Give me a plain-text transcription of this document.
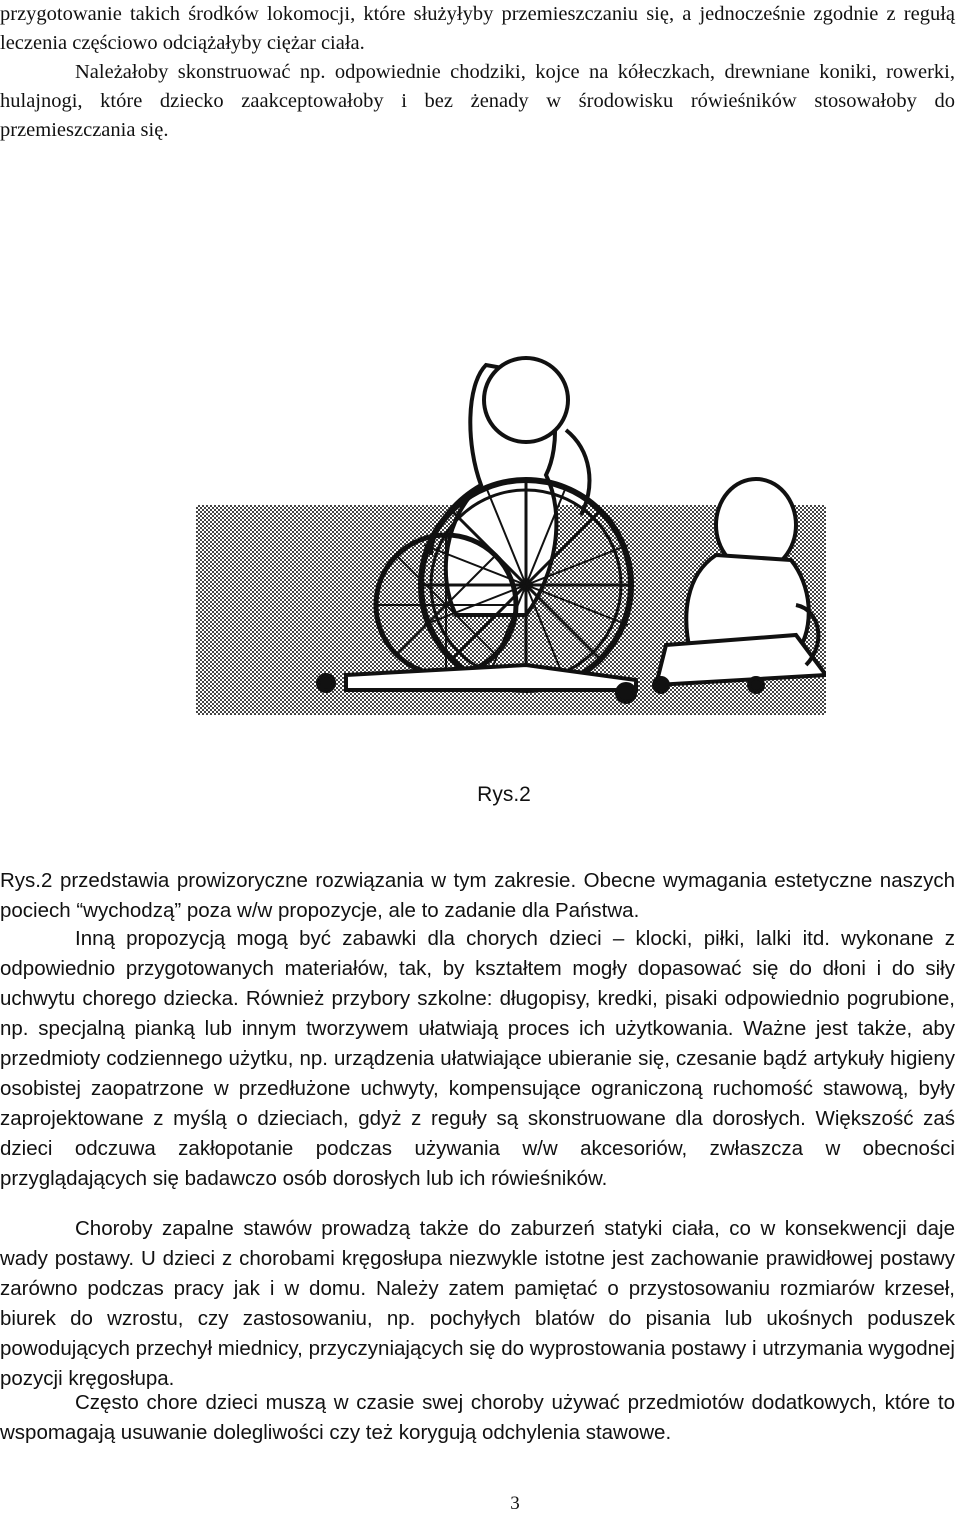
przygotowanie takich środków lokomocji, które służyłyby przemieszczaniu się, a jednocześnie zgodnie z regułą leczenia częściowo odciążałyby ciężar ciała.

Należałoby skonstruować np. odpowiednie chodziki, kojce na kółeczkach, drewniane koniki, rowerki, hulajnogi, które dziecko zaakceptowałoby i bez żenady w środowisku rówieśników stosowałoby do przemieszczania się.

Rys.2

Rys.2 przedstawia prowizoryczne rozwiązania w tym zakresie. Obecne wymagania estetyczne naszych pociech “wychodzą” poza w/w propozycje, ale to zadanie dla Państwa.

Inną propozycją mogą być zabawki dla chorych dzieci – klocki, piłki, lalki itd. wykonane z odpowiednio przygotowanych materiałów, tak, by kształtem mogły dopasować się do dłoni i do siły uchwytu chorego dziecka. Również przybory szkolne: długopisy, kredki, pisaki odpowiednio pogrubione, np. specjalną pianką lub innym tworzywem ułatwiają proces ich użytkowania. Ważne jest także, aby przedmioty codziennego użytku, np. urządzenia ułatwiające ubieranie się, czesanie bądź artykuły higieny osobistej zaopatrzone w przedłużone uchwyty, kompensujące ograniczoną ruchomość stawową, były zaprojektowane z myślą o dzieciach, gdyż z reguły są skonstruowane dla dorosłych. Większość zaś dzieci odczuwa zakłopotanie podczas używania w/w akcesoriów, zwłaszcza w obecności przyglądających się badawczo osób dorosłych lub ich rówieśników.

Choroby zapalne stawów prowadzą także do zaburzeń statyki ciała, co w konsekwencji daje wady postawy. U dzieci z chorobami kręgosłupa niezwykle istotne jest zachowanie prawidłowej postawy zarówno podczas pracy jak i w domu. Należy zatem pamiętać o przystosowaniu rozmiarów krzeseł, biurek do wzrostu, czy zastosowaniu, np. pochyłych blatów do pisania lub ukośnych poduszek powodujących przechył miednicy, przyczyniających się do wyprostowania postawy i utrzymania wygodnej pozycji kręgosłupa.

Często chore dzieci muszą w czasie swej choroby używać przedmiotów dodatkowych, które to wspomagają usuwanie dolegliwości czy też korygują odchylenia stawowe.

3
